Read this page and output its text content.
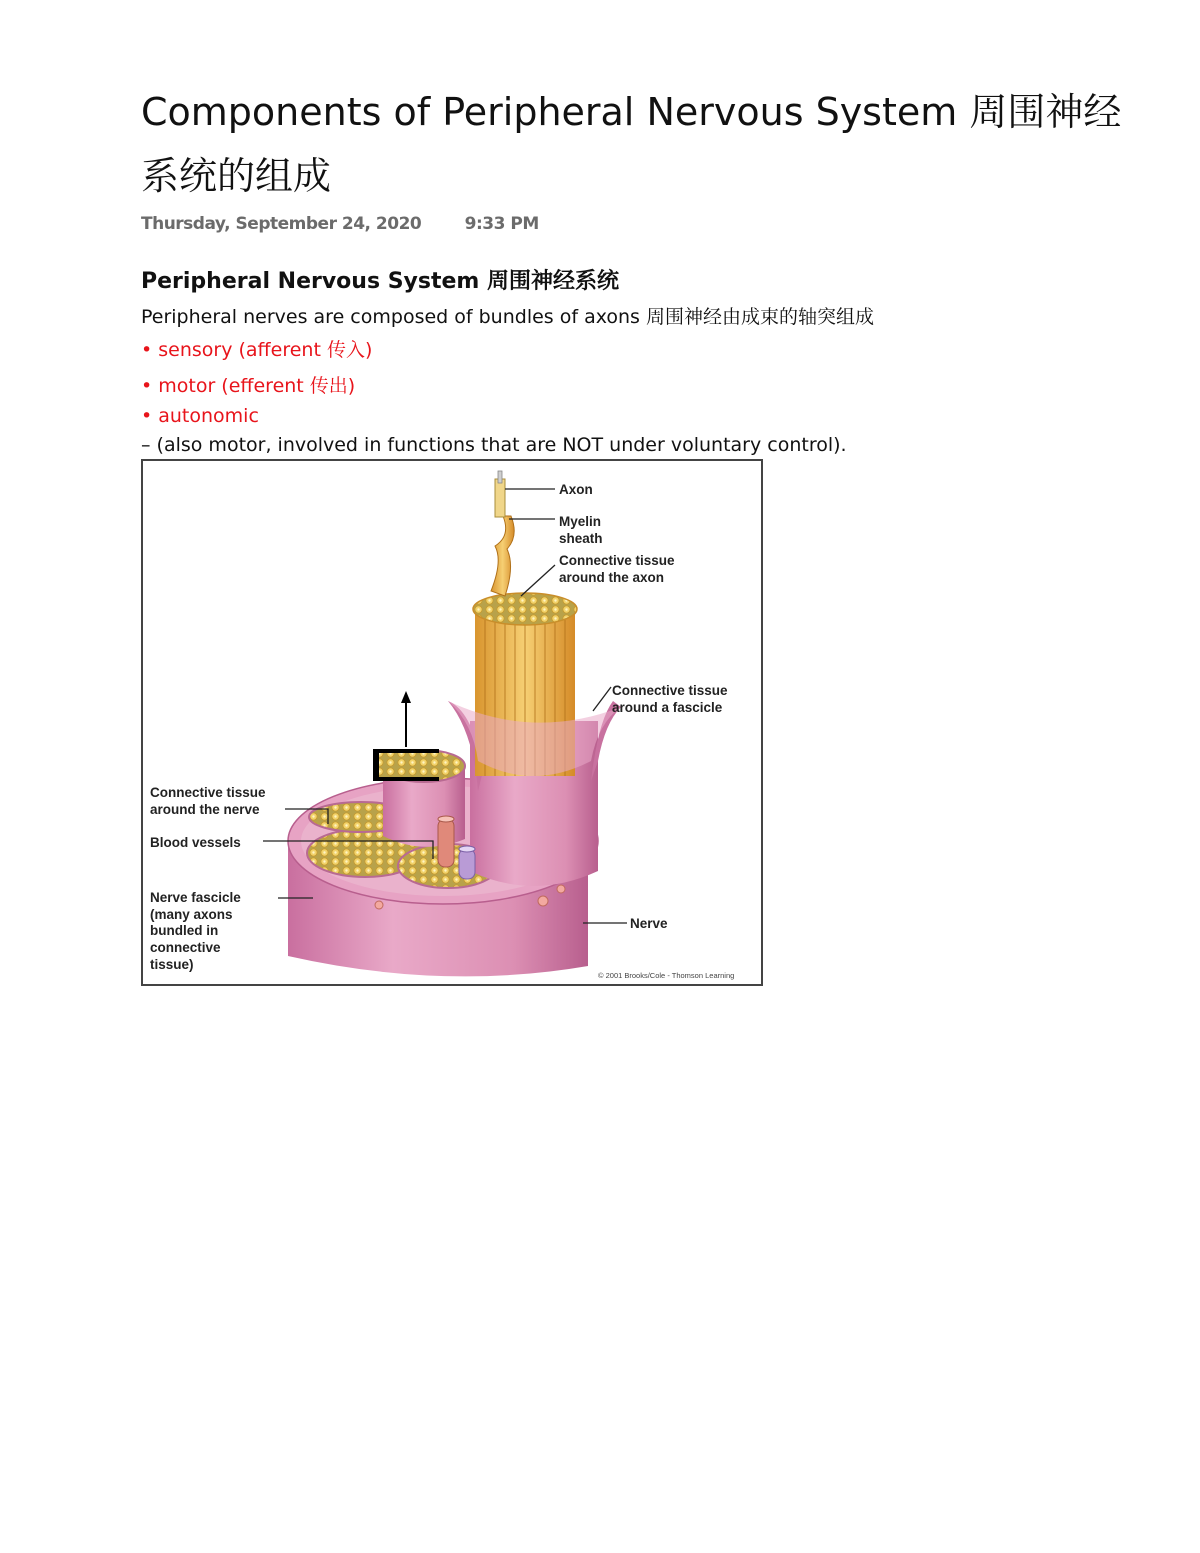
Components of Peripheral Nervous System 周围神经系统的组成
Thursday, September 24, 2020	9:33 PM
Peripheral Nervous System 周围神经系统
Peripheral nerves are composed of bundles of axons 周围神经由成束的轴突组成
• sensory (afferent 传入)
• motor (efferent 传出)
• autonomic
– (also motor, involved in functions that are NOT under voluntary control).
Axon
Myelin
sheath
Connective tissue
around the axon
Connective tissue
around a fascicle
Connective tissue
around the nerve
Blood vessels
Nerve fascicle
(many axons
bundled in
connective
tissue)
Nerve
© 2001 Brooks/Cole - Thomson Learning
